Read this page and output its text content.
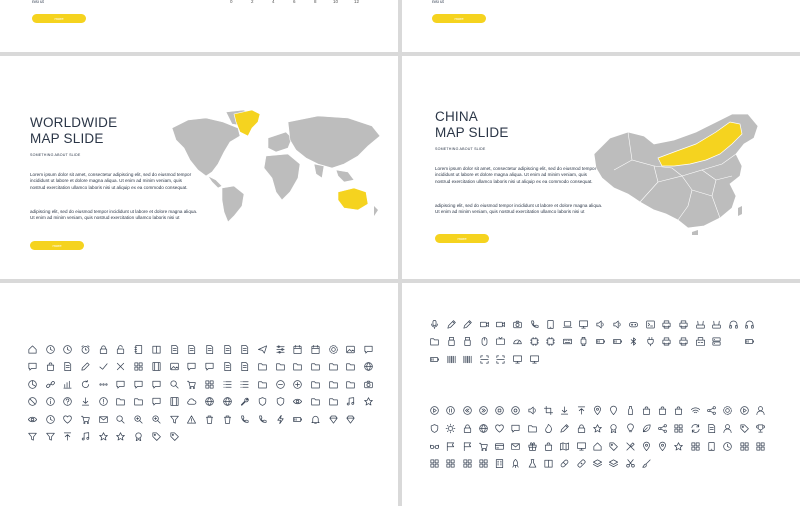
nisi ut
more
0	2	4	6	8	10	12	nisi ut
more
WORLDWIDE
MAP SLIDE
SOMETHING ABOUT SLIDE
Lorem ipsum dolor sit amet, consectetur adipiscing elit, sed do eiusmod tempor incididunt ut labore et dolore magna aliqua. Ut enim ad minim veniam, quis nostrud exercitation ullamco laboris nisi ut aliquip ex ea commodo consequat.
adipiscing elit, sed do eiusmod tempor incididunt ut labore et dolore magna aliqua. Ut enim ad minim veniam, quis nostrud exercitation ullamco laboris nisi ut
more
CHINA
MAP SLIDE
SOMETHING ABOUT SLIDE
Lorem ipsum dolor sit amet, consectetur adipiscing elit, sed do eiusmod tempor incididunt ut labore et dolore magna aliqua. Ut enim ad minim veniam, quis nostrud exercitation ullamco laboris nisi ut aliquip ex ea commodo consequat.
adipiscing elit, sed do eiusmod tempor incididunt ut labore et dolore magna aliqua. Ut enim ad minim veniam, quis nostrud exercitation ullamco laboris nisi ut
more
